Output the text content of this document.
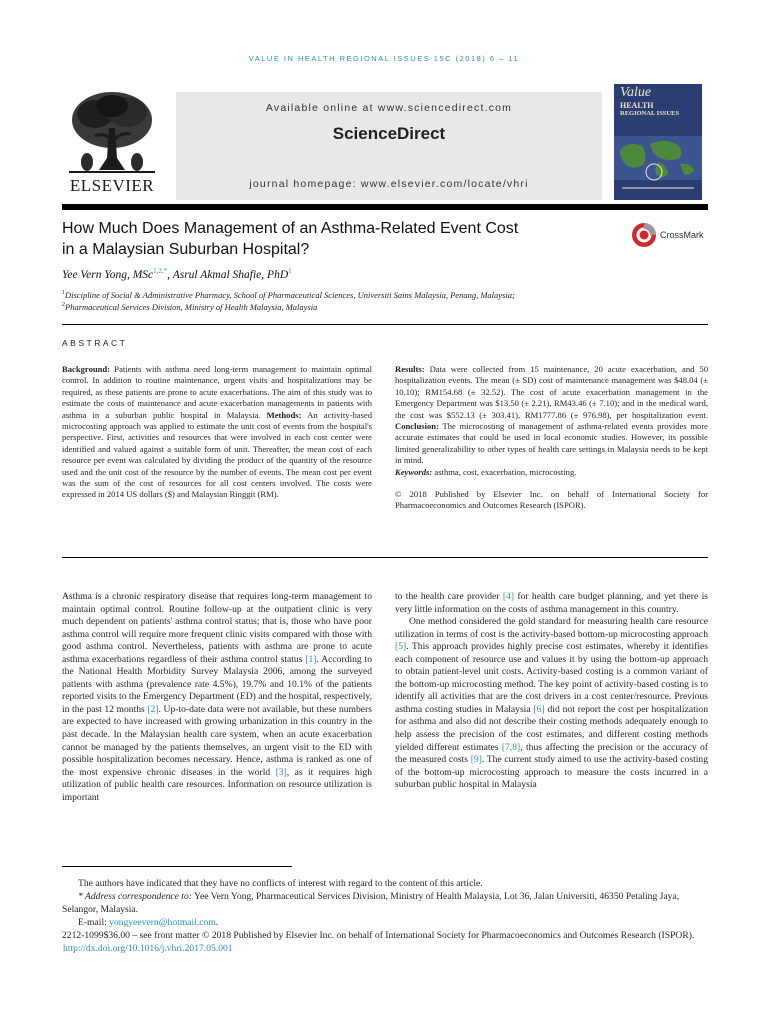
VALUE IN HEALTH REGIONAL ISSUES 15C (2018) 6 – 11
ELSEVIER
Available online at www.sciencedirect.com
ScienceDirect
journal homepage: www.elsevier.com/locate/vhri
Value
HEALTH
REGIONAL ISSUES
How Much Does Management of an Asthma-Related Event Cost
in a Malaysian Suburban Hospital?
CrossMark
Yee Vern Yong, MSc$^{1,2,*}$, Asrul Akmal Shafie, PhD$^1$
$^1$Discipline of Social & Administrative Pharmacy, School of Pharmaceutical Sciences, Universiti Sains Malaysia, Penang, Malaysia;
$^2$Pharmaceutical Services Division, Ministry of Health Malaysia, Malaysia
ABSTRACT
Background: Patients with asthma need long-term management to maintain optimal control. In addition to routine maintenance, urgent visits and hospitalizations may be required, as these patients are prone to acute exacerbations. The aim of this study was to estimate the costs of maintenance and acute exacerbation managements in patients with asthma in a suburban public hospital in Malaysia. Methods: An activity-based microcosting approach was applied to estimate the unit cost of events from the hospital's perspective. First, activities and resources that were involved in each cost center were identified and valued against a suitable form of unit. Thereafter, the mean cost of each resource per event was calculated by dividing the product of the quantity of the resource used and the unit cost of the resource by the number of events. The mean cost per event was the sum of the cost of resources for all cost centers involved. The costs were expressed in 2014 US dollars ($) and Malaysian Ringgit (RM).
Results: Data were collected from 15 maintenance, 20 acute exacerbation, and 50 hospitalization events. The mean (± SD) cost of maintenance management was $48.04 (± 10.10); RM154.68 (± 32.52). The cost of acute exacerbation management in the Emergency Department was $13.50 (± 2.21), RM43.46 (± 7.10); and in the medical ward, the cost was $552.13 (± 303.41), RM1777.86 (± 976.98), per hospitalization event. Conclusion: The microcosting of management of asthma-related events provides more accurate estimates that could be used in local economic studies. However, its possible limited generalizability to other types of health care settings in Malaysia needs to be kept in mind.
Keywords: asthma, cost, exacerbation, microcosting.

© 2018 Published by Elsevier Inc. on behalf of International Society for Pharmacoeconomics and Outcomes Research (ISPOR).

Asthma is a chronic respiratory disease that requires long-term management to maintain optimal control. Routine follow-up at the outpatient clinic is very much dependent on patients' asthma control status; that is, those who have poor asthma control will require more frequent clinic visits compared with those with good asthma control. Nevertheless, patients with asthma are prone to acute asthma exacerbations regardless of their asthma control status [1]. According to the National Health Morbidity Survey Malaysia 2006, among the surveyed patients with asthma (prevalence rate 4.5%), 19.7% and 10.1% of the patients reported visits to the Emergency Department (ED) and the hospital, respectively, in the past 12 months [2]. Up-to-date data were not available, but these numbers are expected to have increased with growing urbanization in this country in the past decade. In the Malaysian health care system, when an acute exacerbation cannot be managed by the patients themselves, an urgent visit to the ED with possible hospitalization becomes necessary. Hence, asthma is ranked as one of the most expensive chronic diseases in the world [3], as it requires high utilization of public health care resources. Information on resource utilization is important

to the health care provider [4] for health care budget planning, and yet there is very little information on the costs of asthma management in this country.

One method considered the gold standard for measuring health care resource utilization in terms of cost is the activity-based bottom-up microcosting approach [5]. This approach provides highly precise cost estimates, whereby it identifies each component of resource use and values it by using the bottom-up approach to obtain patient-level unit costs. Activity-based costing is a common variant of the bottom-up microcosting method. The key point of activity-based costing is to identify all activities that are the cost drivers in a cost center/resource. Previous asthma costing studies in Malaysia [6] did not report the cost per hospitalization for asthma and also did not describe their costing methods adequately enough to help assess the precision of the cost estimates, and different costing methods yielded different estimates [7,8], thus affecting the precision or the accuracy of the measured costs [9]. The current study aimed to use the activity-based costing of the bottom-up microcosting approach to measure the costs incurred in a suburban public hospital in Malaysia

The authors have indicated that they have no conflicts of interest with regard to the content of this article.

* Address correspondence to: Yee Vern Yong, Pharmaceutical Services Division, Ministry of Health Malaysia, Lot 36, Jalan Universiti, 46350 Petaling Jaya, Selangor, Malaysia.

E-mail: yongyeevern@hotmail.com.

2212-1099$36.00 – see front matter © 2018 Published by Elsevier Inc. on behalf of International Society for Pharmacoeconomics and Outcomes Research (ISPOR).

http://dx.doi.org/10.1016/j.vhri.2017.05.001
